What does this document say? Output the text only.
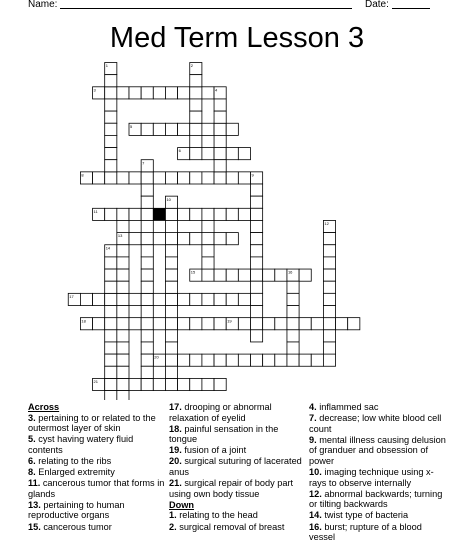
Name:	Date:
Med Term Lesson 3
1	2
3	4
5
6
7
8	9
10
11
12
13
14
15	16
17
18	19
20
21
Across
3. pertaining to or related to the outermost layer of skin
5. cyst having watery fluid contents
6. relating to the ribs
8. Enlarged extremity
11. cancerous tumor that forms in glands
13. pertaining to human reproductive organs
15. cancerous tumor
17. drooping or abnormal relaxation of eyelid
18. painful sensation in the tongue
19. fusion of a joint
20. surgical suturing of lacerated anus
21. surgical repair of body part using own body tissue
Down
1. relating to the head
2. surgical removal of breast
4. inflammed sac
7. decrease; low white blood cell count
9. mental illness causing delusion of granduer and obsession of power
10. imaging technique using x-rays to observe internally
12. abnormal backwards; turning or tilting backwards
14. twist type of bacteria
16. burst; rupture of a blood vessel
